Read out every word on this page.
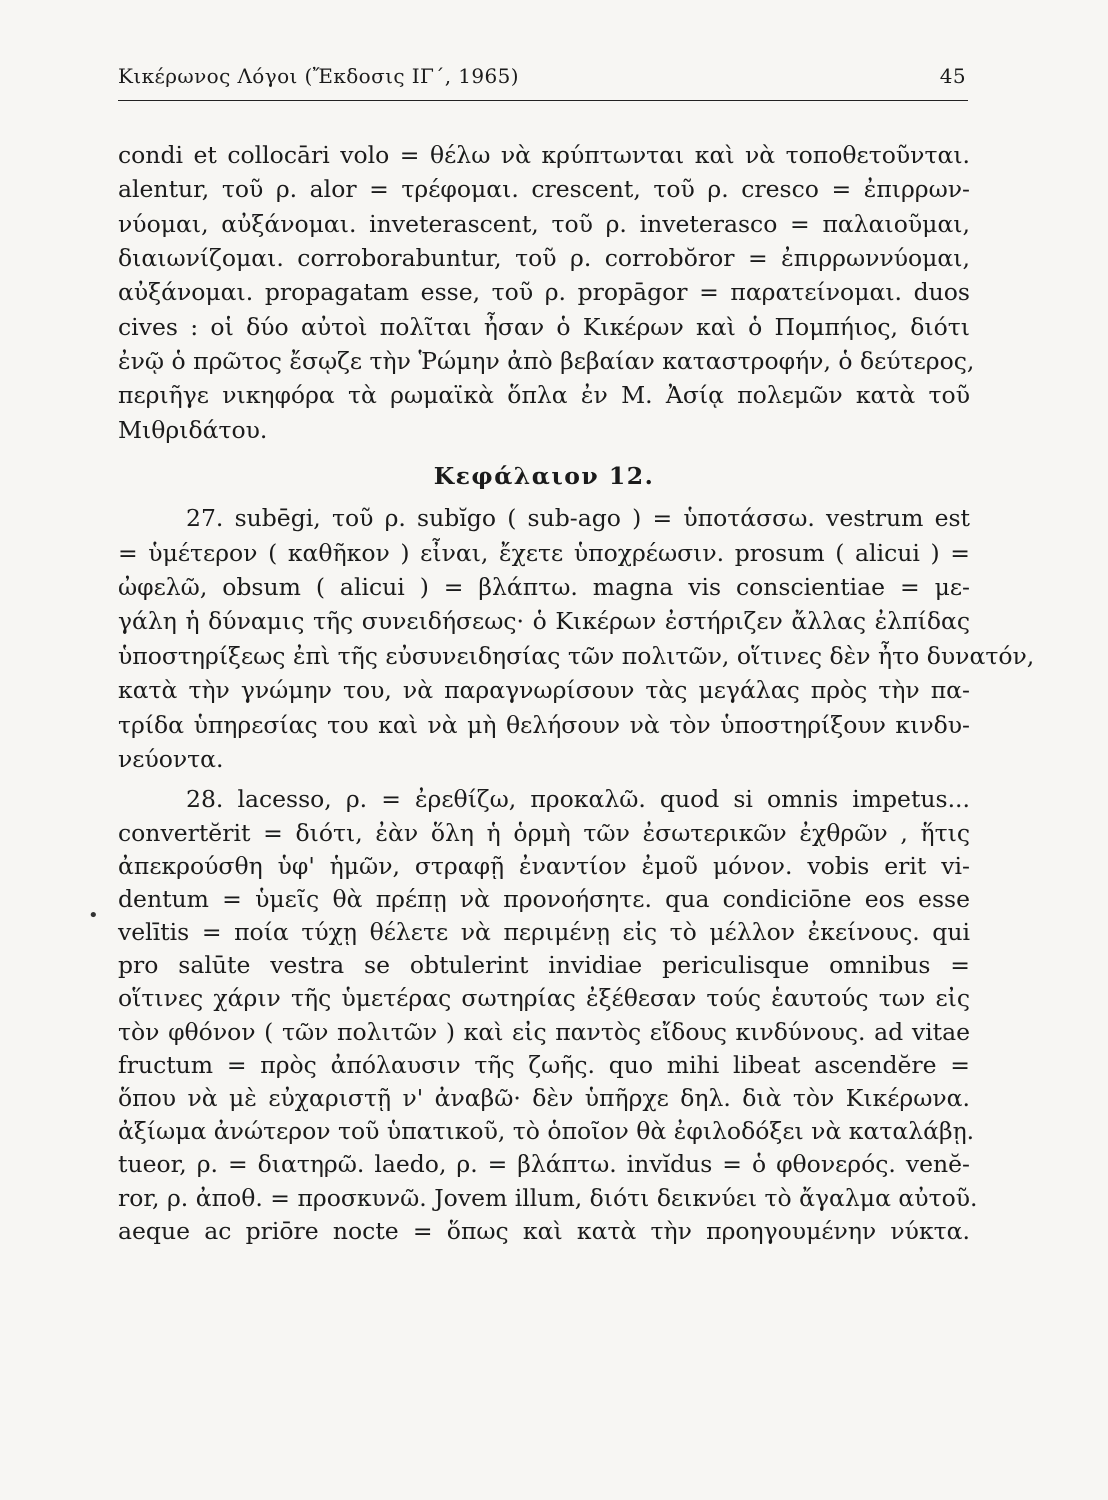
Κικέρωνος Λόγοι (Ἔκδοσις ΙΓ΄, 1965)	45
•
condi et collocāri volo = θέλω νὰ κρύπτωνται καὶ νὰ τοποθετοῦνται.
alentur, τοῦ ρ. alor = τρέφομαι. crescent, τοῦ ρ. cresco = ἐπιρρων-
νύομαι, αὐξάνομαι. inveterascent, τοῦ ρ. inveterasco = παλαιοῦμαι,
διαιωνίζομαι. corroborabuntur, τοῦ ρ. corrobŏror = ἐπιρρωννύομαι,
αὐξάνομαι. propagatam esse, τοῦ ρ. propāgor = παρατείνομαι. duos
cives : οἱ δύο αὐτοὶ πολῖται ἦσαν ὁ Κικέρων καὶ ὁ Πομπήιος, διότι
ἐνῷ ὁ πρῶτος ἔσῳζε τὴν Ῥώμην ἀπὸ βεβαίαν καταστροφήν, ὁ δεύτερος,
περιῆγε νικηφόρα τὰ ρωμαϊκὰ ὅπλα ἐν Μ. Ἀσίᾳ πολεμῶν κατὰ τοῦ
Μιθριδάτου.
Κεφάλαιον 12.
27. subēgi, τοῦ ρ. subĭgo ( sub-ago ) = ὑποτάσσω. vestrum est
= ὑμέτερον ( καθῆκον ) εἶναι, ἔχετε ὑποχρέωσιν. prosum ( alicui ) =
ὠφελῶ, obsum ( alicui ) = βλάπτω. magna vis conscientiae = με-
γάλη ἡ δύναμις τῆς συνειδήσεως· ὁ Κικέρων ἐστήριζεν ἄλλας ἐλπίδας
ὑποστηρίξεως ἐπὶ τῆς εὐσυνειδησίας τῶν πολιτῶν, οἵτινες δὲν ἦτο δυνατόν,
κατὰ τὴν γνώμην του, νὰ παραγνωρίσουν τὰς μεγάλας πρὸς τὴν πα-
τρίδα ὑπηρεσίας του καὶ νὰ μὴ θελήσουν νὰ τὸν ὑποστηρίξουν κινδυ-
νεύοντα.
28. lacesso, ρ. = ἐρεθίζω, προκαλῶ. quod si omnis impetus...
convertĕrit = διότι, ἐὰν ὅλη ἡ ὁρμὴ τῶν ἐσωτερικῶν ἐχθρῶν , ἥτις
ἀπεκρούσθη ὑφ' ἡμῶν, στραφῇ ἐναντίον ἐμοῦ μόνον. vobis erit vi-
dentum = ὑμεῖς θὰ πρέπῃ νὰ προνοήσητε. qua condiciōne eos esse
velītis = ποία τύχῃ θέλετε νὰ περιμένῃ εἰς τὸ μέλλον ἐκείνους. qui
pro salūte vestra se obtulerint invidiae periculisque omnibus =
οἵτινες χάριν τῆς ὑμετέρας σωτηρίας ἐξέθεσαν τούς ἑαυτούς των εἰς
τὸν φθόνον ( τῶν πολιτῶν ) καὶ εἰς παντὸς εἴδους κινδύνους. ad vitae
fructum = πρὸς ἀπόλαυσιν τῆς ζωῆς. quo mihi libeat ascendĕre =
ὅπου νὰ μὲ εὐχαριστῇ ν' ἀναβῶ· δὲν ὑπῆρχε δηλ. διὰ τὸν Κικέρωνα.
ἀξίωμα ἀνώτερον τοῦ ὑπατικοῦ, τὸ ὁποῖον θὰ ἐφιλοδόξει νὰ καταλάβῃ.
tueor, ρ. = διατηρῶ. laedo, ρ. = βλάπτω. invĭdus = ὁ φθονερός. venĕ-
ror, ρ. ἀποθ. = προσκυνῶ. Jovem illum, διότι δεικνύει τὸ ἄγαλμα αὐτοῦ.
aeque ac priōre nocte = ὅπως καὶ κατὰ τὴν προηγουμένην νύκτα.
